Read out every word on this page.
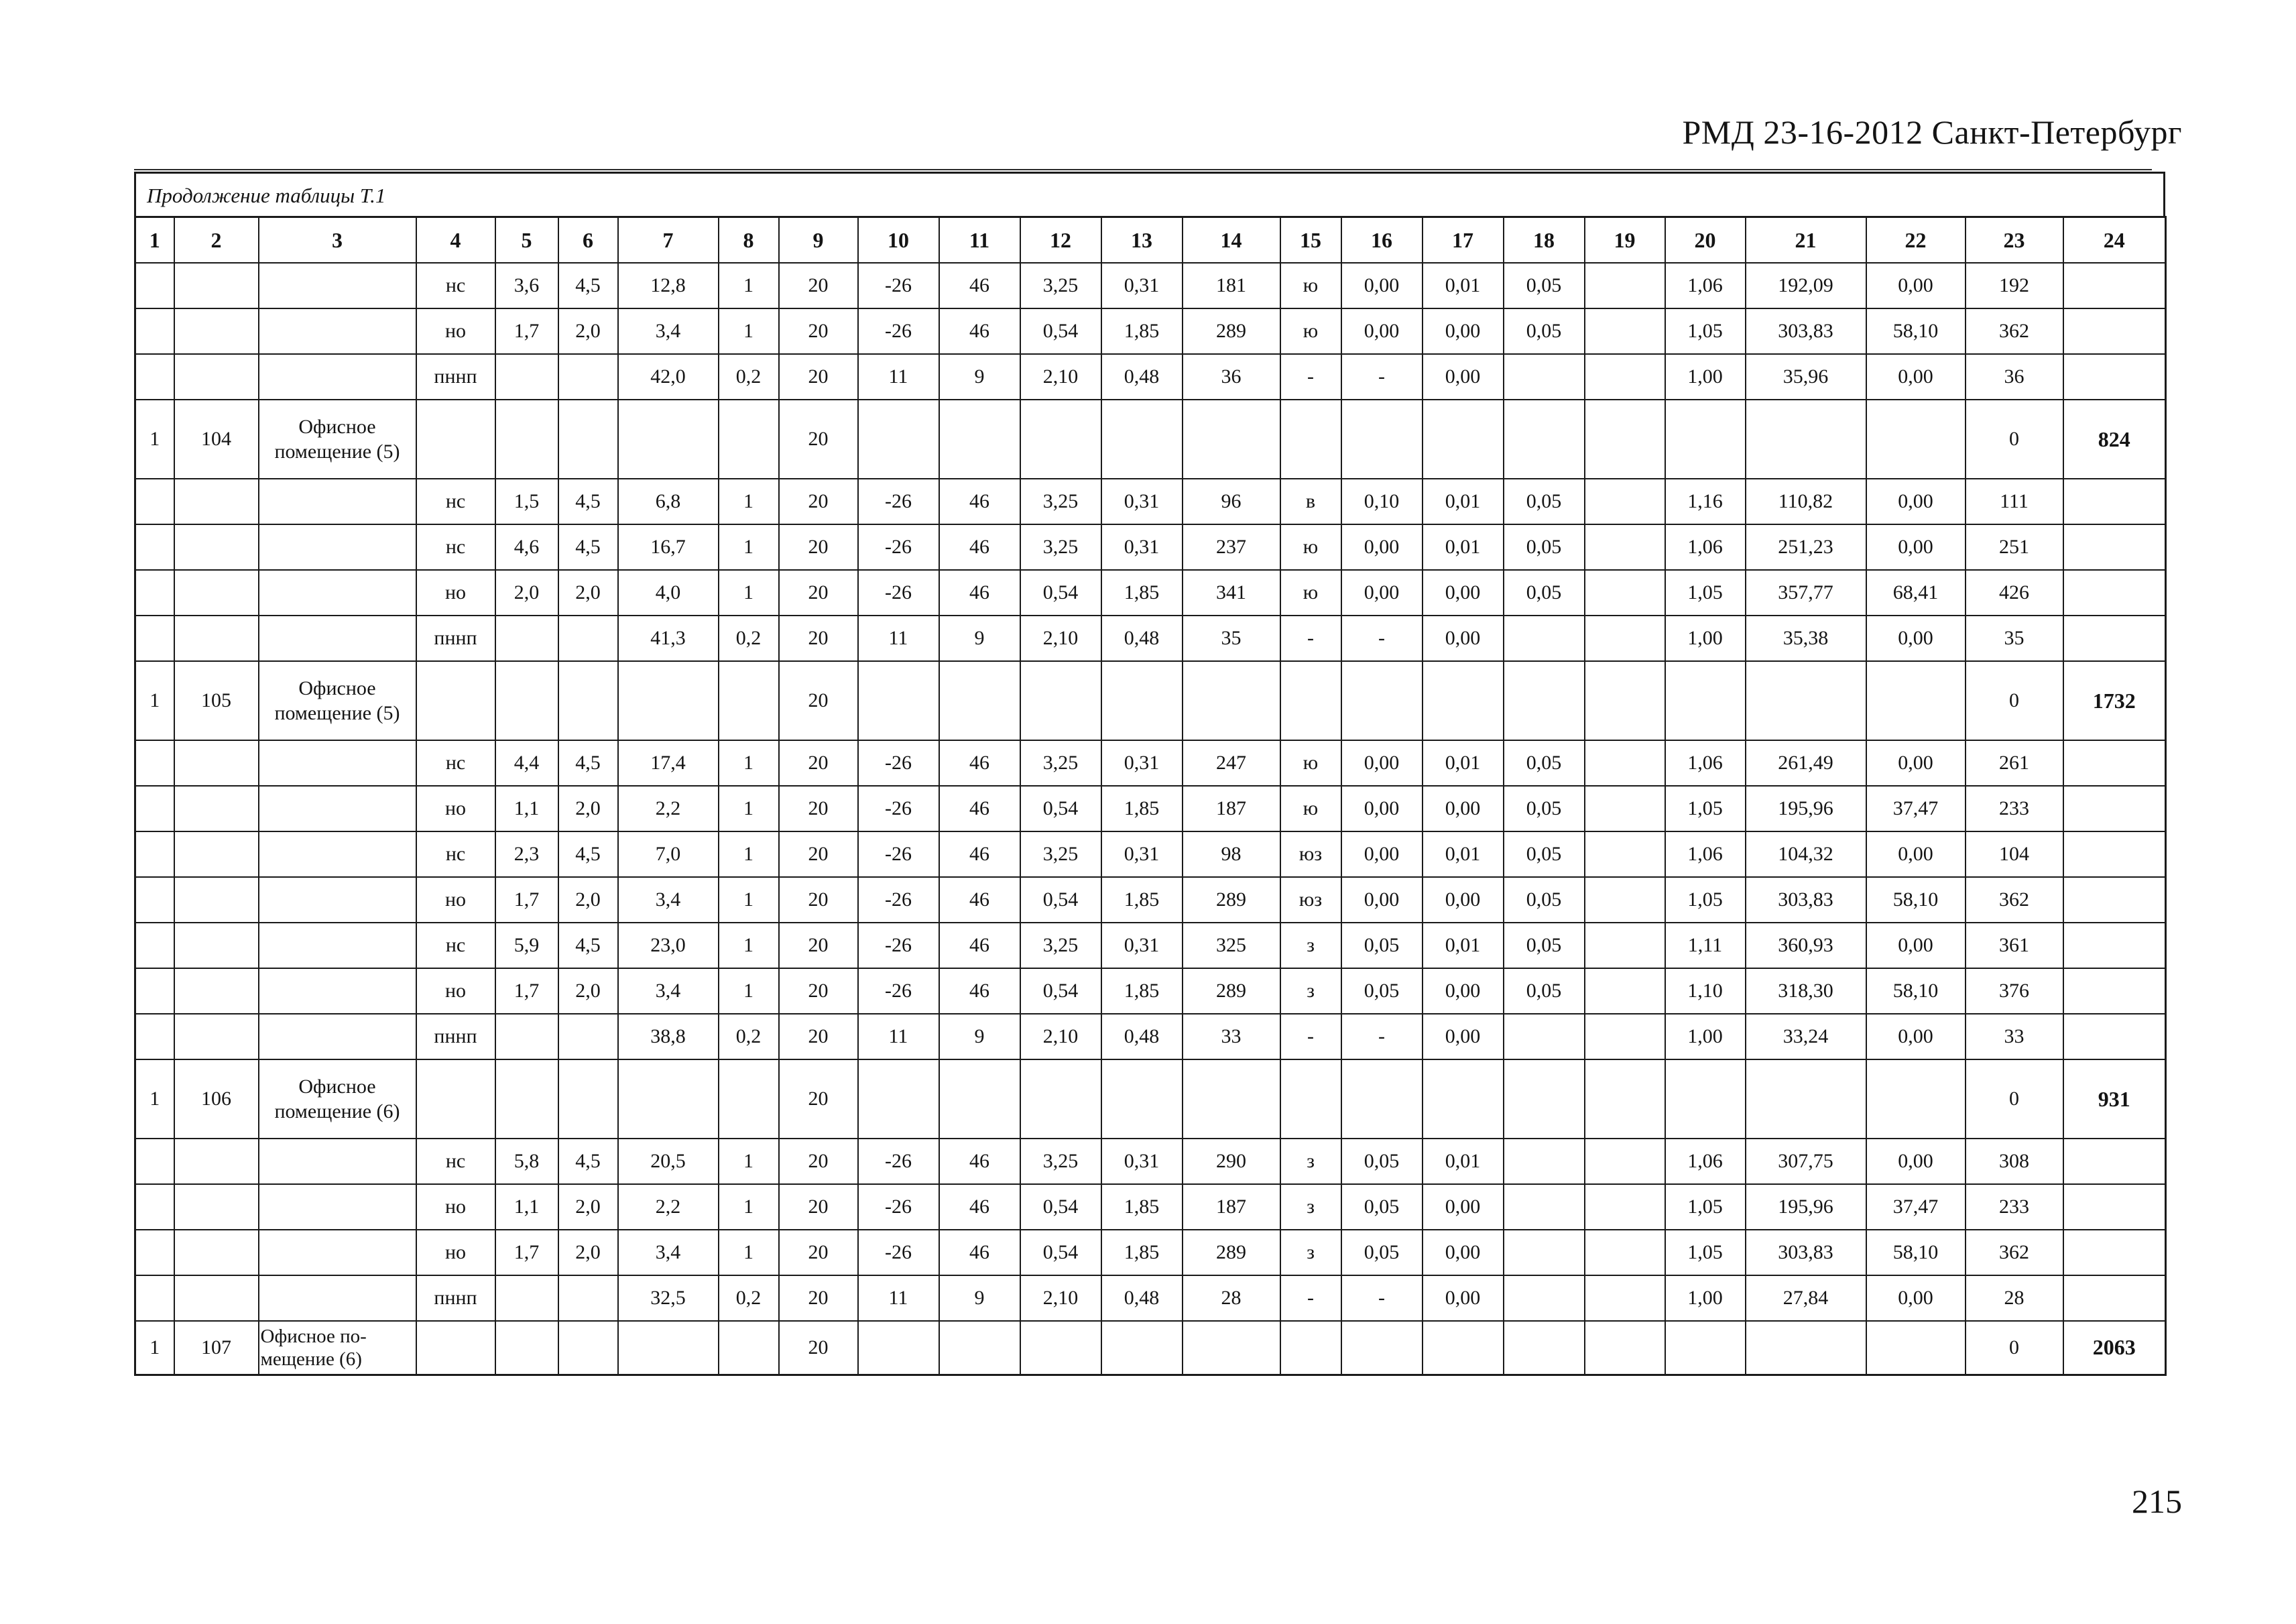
РМД 23-16-2012 Санкт-Петербург
Продолжение таблицы Т.1
1	2	3	4	5	6	7	8	9	10	11	12	13	14	15	16	17	18	19	20	21	22	23	24
			нс	3,6	4,5	12,8	1	20	-26	46	3,25	0,31	181	ю	0,00	0,01	0,05		1,06	192,09	0,00	192	
			но	1,7	2,0	3,4	1	20	-26	46	0,54	1,85	289	ю	0,00	0,00	0,05		1,05	303,83	58,10	362	
			пннп			42,0	0,2	20	11	9	2,10	0,48	36	-	-	0,00			1,00	35,96	0,00	36	
1	104	Офисное помещение (5)						20														0	824
			нс	1,5	4,5	6,8	1	20	-26	46	3,25	0,31	96	в	0,10	0,01	0,05		1,16	110,82	0,00	111	
			нс	4,6	4,5	16,7	1	20	-26	46	3,25	0,31	237	ю	0,00	0,01	0,05		1,06	251,23	0,00	251	
			но	2,0	2,0	4,0	1	20	-26	46	0,54	1,85	341	ю	0,00	0,00	0,05		1,05	357,77	68,41	426	
			пннп			41,3	0,2	20	11	9	2,10	0,48	35	-	-	0,00			1,00	35,38	0,00	35	
1	105	Офисное помещение (5)						20														0	1732
			нс	4,4	4,5	17,4	1	20	-26	46	3,25	0,31	247	ю	0,00	0,01	0,05		1,06	261,49	0,00	261	
			но	1,1	2,0	2,2	1	20	-26	46	0,54	1,85	187	ю	0,00	0,00	0,05		1,05	195,96	37,47	233	
			нс	2,3	4,5	7,0	1	20	-26	46	3,25	0,31	98	юз	0,00	0,01	0,05		1,06	104,32	0,00	104	
			но	1,7	2,0	3,4	1	20	-26	46	0,54	1,85	289	юз	0,00	0,00	0,05		1,05	303,83	58,10	362	
			нс	5,9	4,5	23,0	1	20	-26	46	3,25	0,31	325	з	0,05	0,01	0,05		1,11	360,93	0,00	361	
			но	1,7	2,0	3,4	1	20	-26	46	0,54	1,85	289	з	0,05	0,00	0,05		1,10	318,30	58,10	376	
			пннп			38,8	0,2	20	11	9	2,10	0,48	33	-	-	0,00			1,00	33,24	0,00	33	
1	106	Офисное помещение (6)						20														0	931
			нс	5,8	4,5	20,5	1	20	-26	46	3,25	0,31	290	з	0,05	0,01			1,06	307,75	0,00	308	
			но	1,1	2,0	2,2	1	20	-26	46	0,54	1,85	187	з	0,05	0,00			1,05	195,96	37,47	233	
			но	1,7	2,0	3,4	1	20	-26	46	0,54	1,85	289	з	0,05	0,00			1,05	303,83	58,10	362	
			пннп			32,5	0,2	20	11	9	2,10	0,48	28	-	-	0,00			1,00	27,84	0,00	28	
1	107	Офисное по-мещение (6)						20														0	2063
215
